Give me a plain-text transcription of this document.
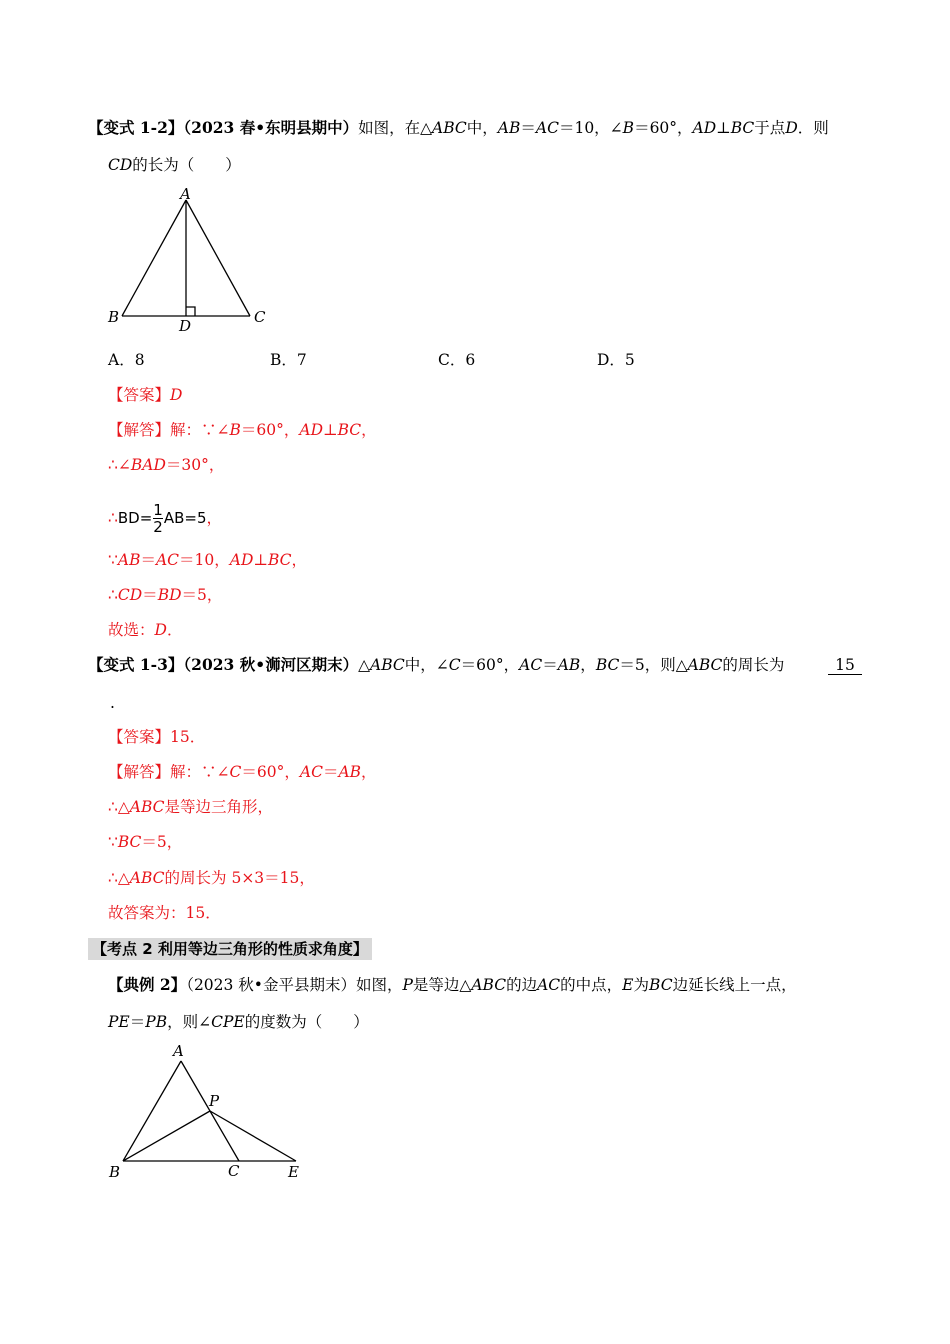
【变式 1-2】（2023 春•东明县期中）如图，在△ABC中，AB＝AC＝10，∠B＝60°，AD⊥BC于点D．则
CD的长为（　　）
A
B	C
D
A．8	B．7	C．6	D．5
【答案】D
【解答】解：∵∠B＝60°，AD⊥BC，
∴∠BAD＝30°，
∴BD= $\frac{1}{2} AB=5$，
∵AB＝AC＝10，AD⊥BC，
∴CD＝BD＝5，
故选：D．
【变式 1-3】（2023 秋•浉河区期末）△ABC中，∠C＝60°，AC＝AB，BC＝5，则△ABC的周长为	15
.
【答案】15．
【解答】解：∵∠C＝60°，AC＝AB，
∴△ABC是等边三角形，
∵BC＝5，
∴△ABC的周长为 5×3＝15，
故答案为：15．
【考点 2 利用等边三角形的性质求角度】
【典例 2】（2023 秋•金平县期末）如图，P是等边△ABC的边AC的中点，E为BC边延长线上一点，
PE＝PB，则∠CPE的度数为（　　）
A
P
B	C	E
